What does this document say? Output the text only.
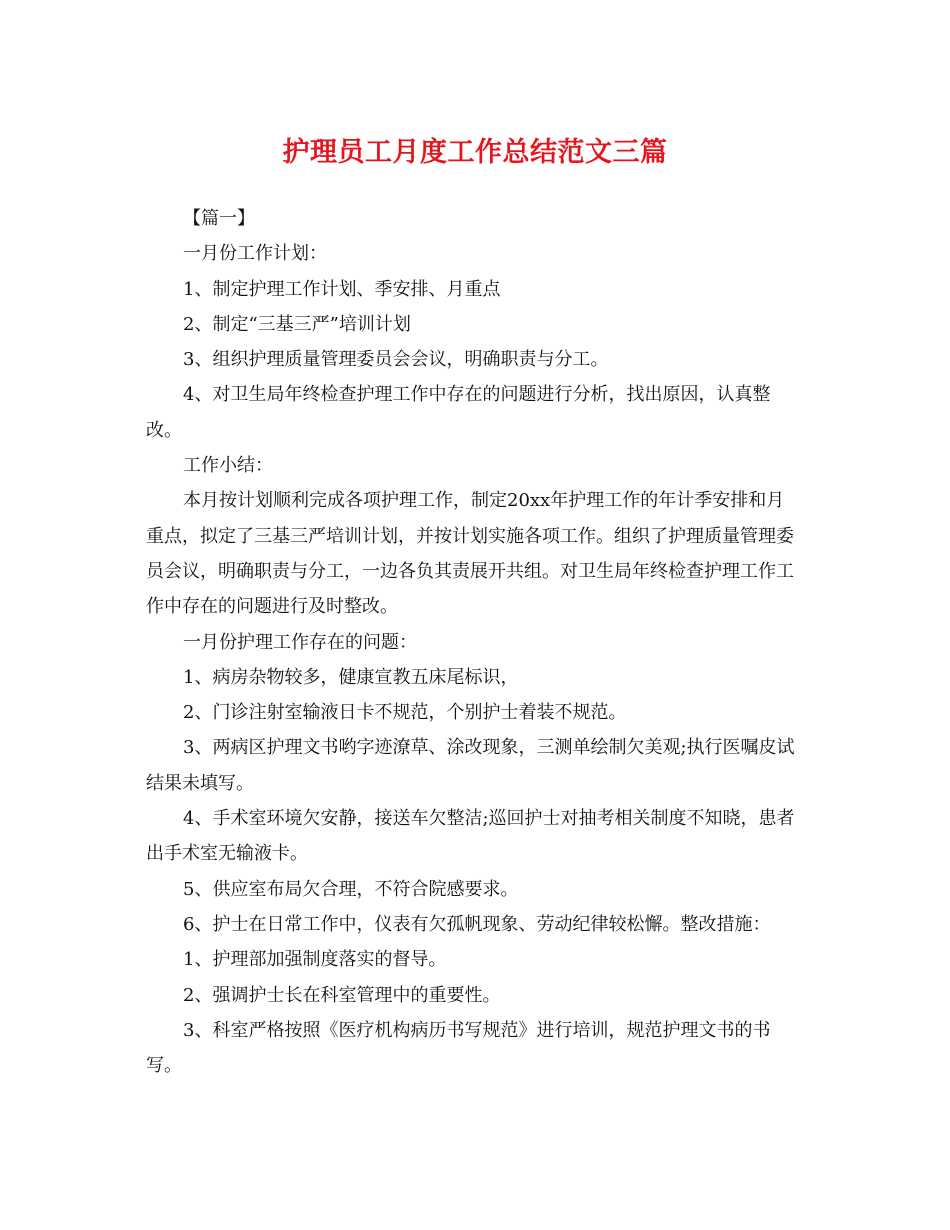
护理员工月度工作总结范文三篇

【篇一】

一月份工作计划：

1、制定护理工作计划、季安排、月重点

2、制定“三基三严”培训计划

3、组织护理质量管理委员会会议，明确职责与分工。

4、对卫生局年终检查护理工作中存在的问题进行分析，找出原因，认真整改。

工作小结：

本月按计划顺利完成各项护理工作，制定20xx年护理工作的年计季安排和月重点，拟定了三基三严培训计划，并按计划实施各项工作。组织了护理质量管理委员会议，明确职责与分工，一边各负其责展开共组。对卫生局年终检查护理工作工作中存在的问题进行及时整改。

一月份护理工作存在的问题：

1、病房杂物较多，健康宣教五床尾标识，

2、门诊注射室输液日卡不规范，个别护士着装不规范。

3、两病区护理文书哟字迹潦草、涂改现象，三测单绘制欠美观;执行医嘱皮试结果未填写。

4、手术室环境欠安静，接送车欠整洁;巡回护士对抽考相关制度不知晓，患者出手术室无输液卡。

5、供应室布局欠合理，不符合院感要求。

6、护士在日常工作中，仪表有欠孤帆现象、劳动纪律较松懈。整改措施：

1、护理部加强制度落实的督导。

2、强调护士长在科室管理中的重要性。

3、科室严格按照《医疗机构病历书写规范》进行培训，规范护理文书的书写。
